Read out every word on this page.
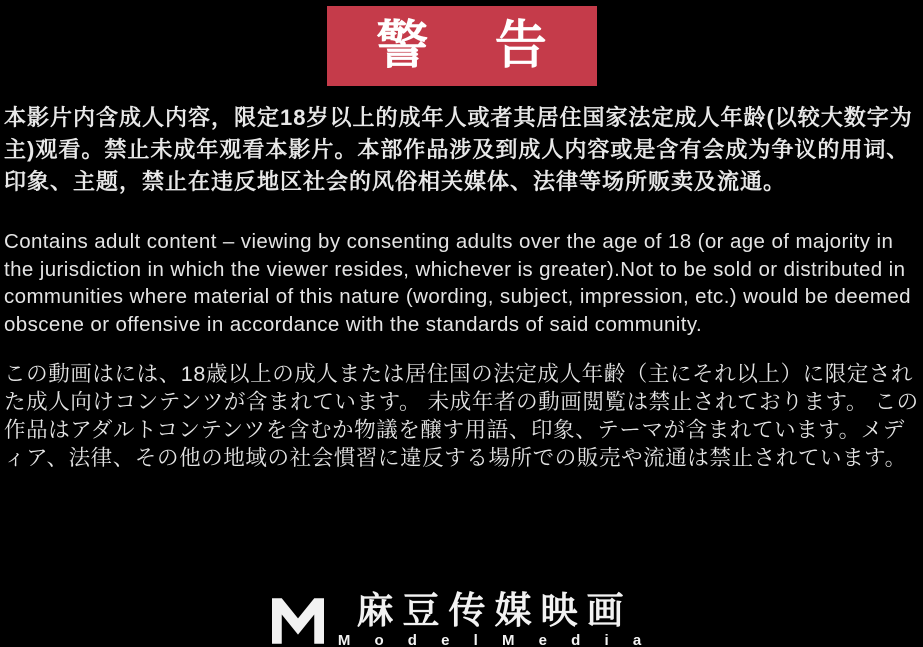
警 告
本影片内含成人内容，限定18岁以上的成年人或者其居住国家法定成人年龄(以较大数字为主)观看。禁止未成年观看本影片。本部作品涉及到成人内容或是含有会成为争议的用词、印象、主题，禁止在违反地区社会的风俗相关媒体、法律等场所贩卖及流通。
Contains adult content – viewing by consenting adults over the age of 18 (or age of majority in the jurisdiction in which the viewer resides, whichever is greater).Not to be sold or distributed in communities where material of this nature (wording, subject, impression, etc.) would be deemed obscene or offensive in accordance with the standards of said community.
この動画はには、18歳以上の成人または居住国の法定成人年齢（主にそれ以上）に限定された成人向けコンテンツが含まれています。 未成年者の動画閲覧は禁止されております。 この作品はアダルトコンテンツを含むか物議を醸す用語、印象、テーマが含まれています。メディア、法律、その他の地域の社会慣習に違反する場所での販売や流通は禁止されています。
麻豆传媒映画
M o d e l M e d i a
